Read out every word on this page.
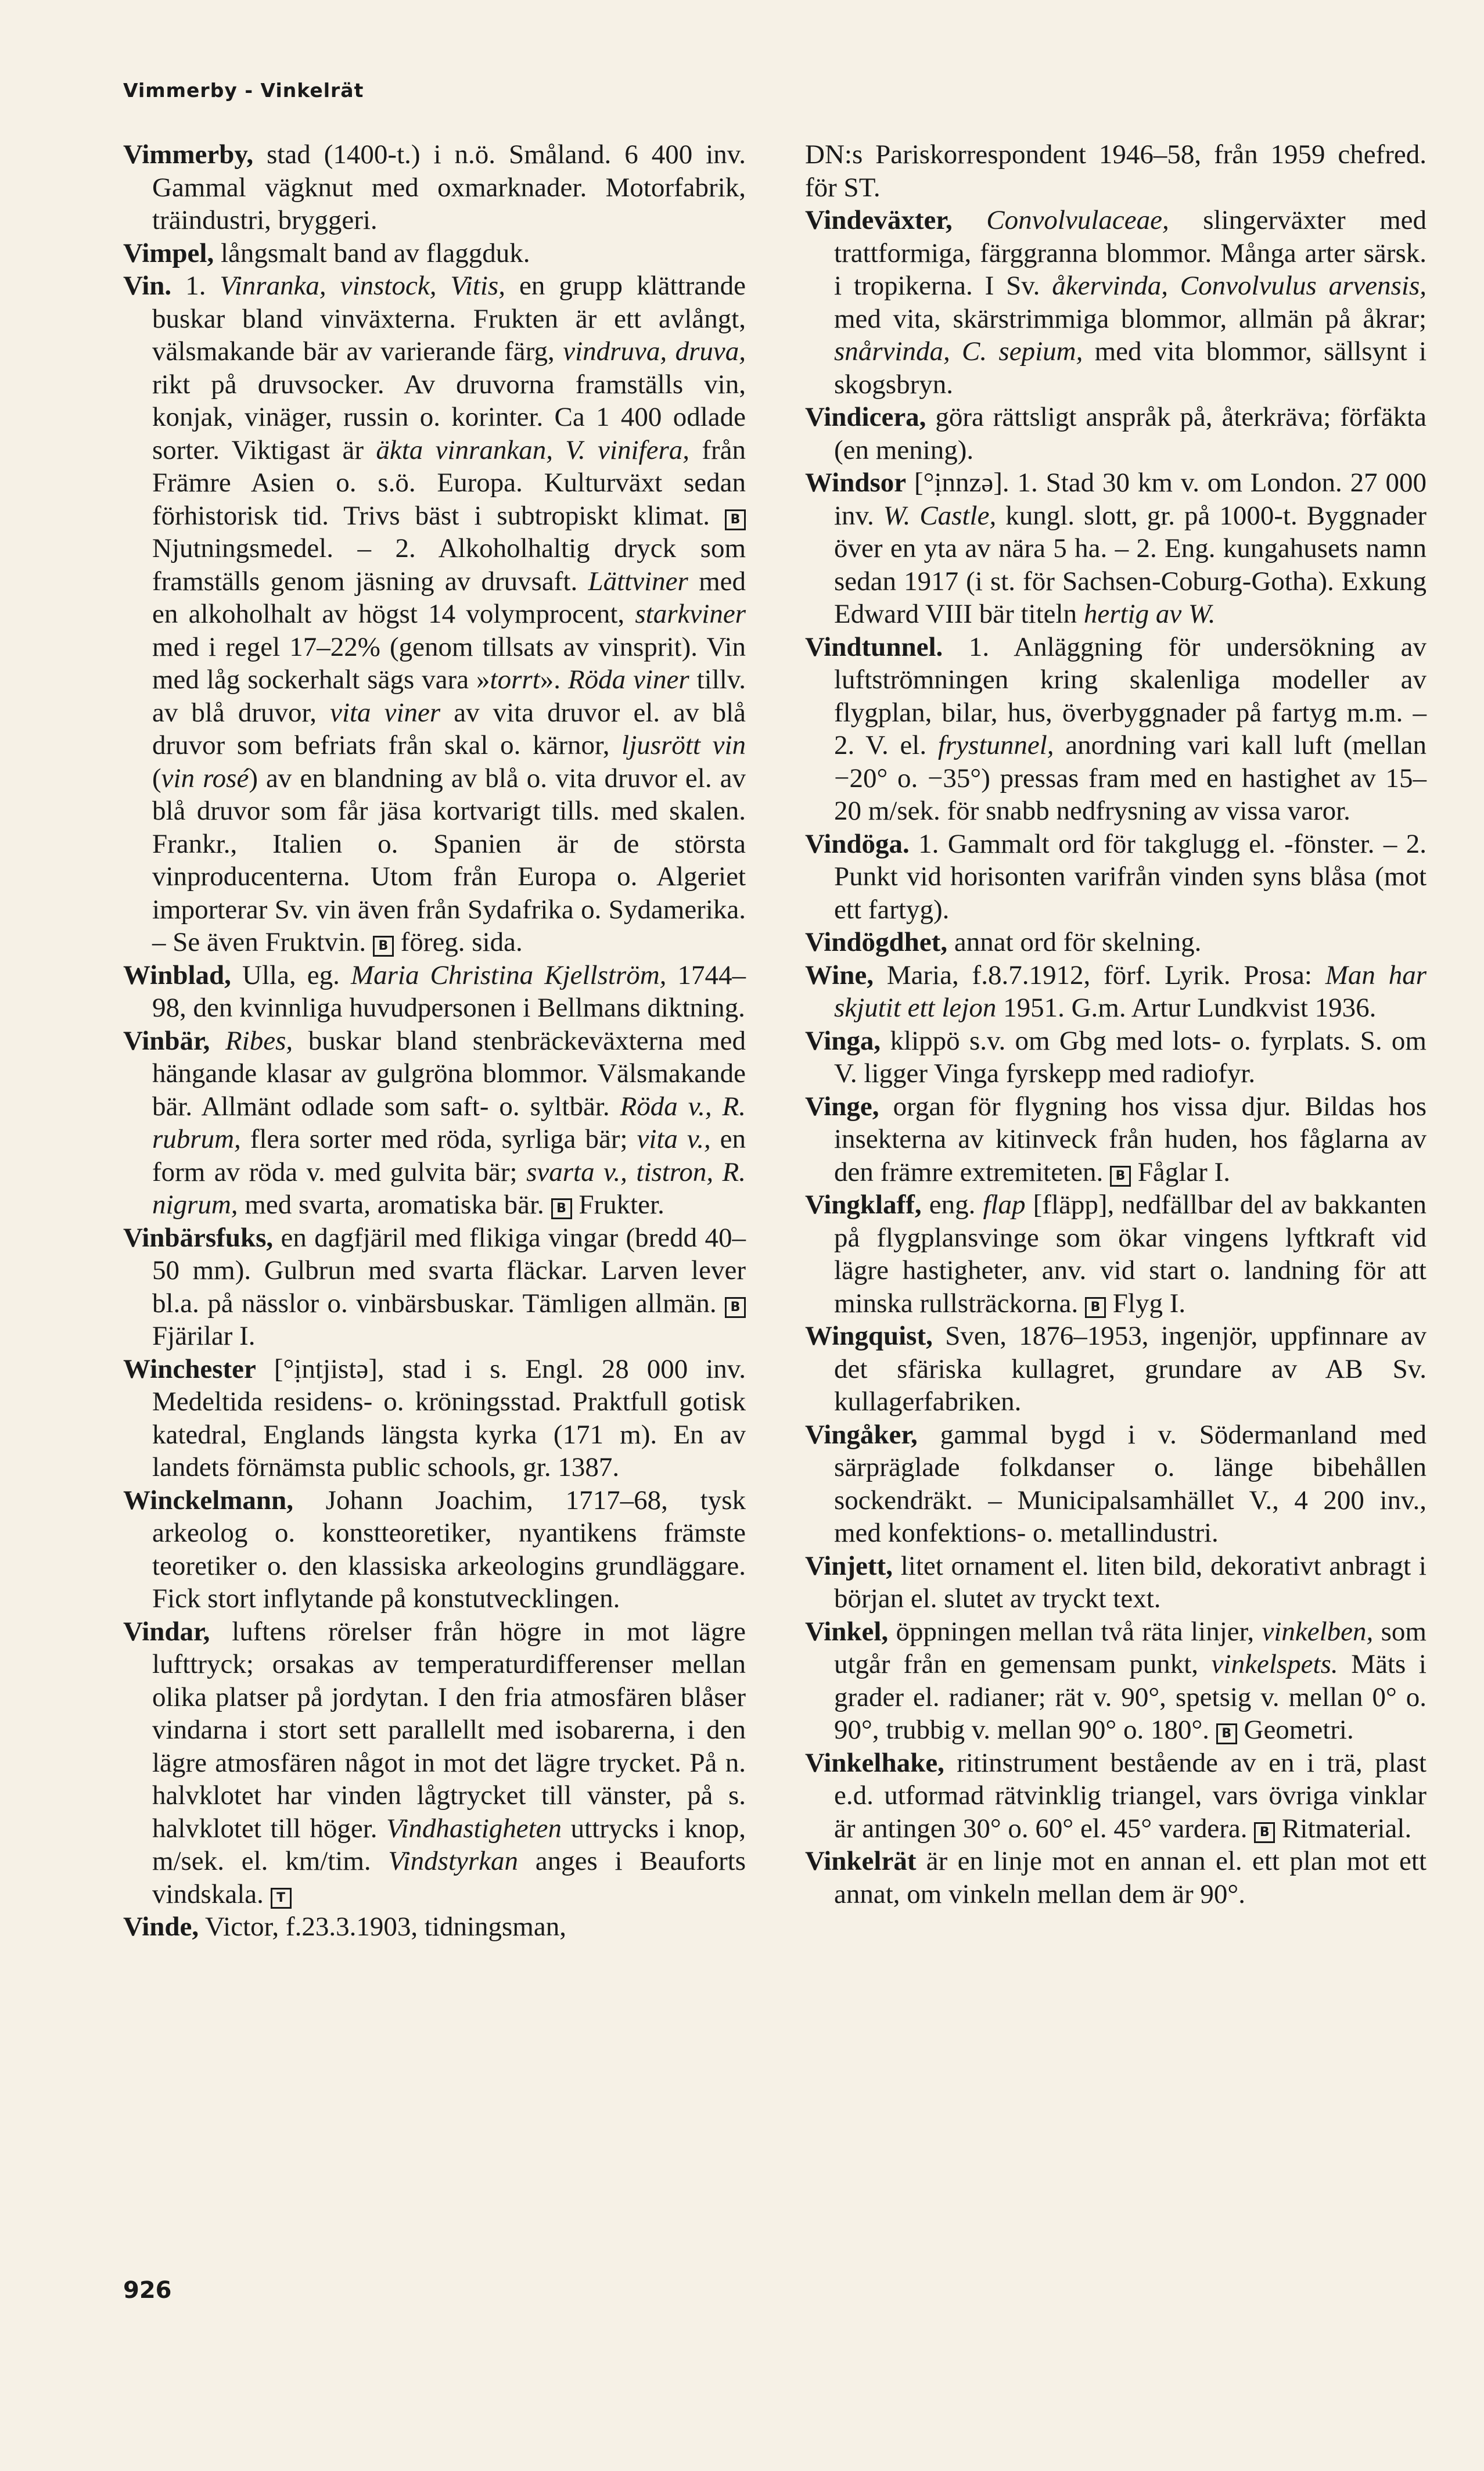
Vimmerby - Vinkelrät

Vimmerby, stad (1400-t.) i n.ö. Småland. 6 400 inv. Gammal vägknut med oxmarknader. Motorfabrik, träindustri, bryggeri.

Vimpel, långsmalt band av flaggduk.

Vin. 1. Vinranka, vinstock, Vitis, en grupp klättrande buskar bland vinväxterna. Frukten är ett avlångt, välsmakande bär av varierande färg, vindruva, druva, rikt på druvsocker. Av druvorna framställs vin, konjak, vinäger, russin o. korinter. Ca 1 400 odlade sorter. Viktigast är äkta vinrankan, V. vinifera, från Främre Asien o. s.ö. Europa. Kulturväxt sedan förhistorisk tid. Trivs bäst i subtropiskt klimat. B Njutningsmedel. – 2. Alkoholhaltig dryck som framställs genom jäsning av druvsaft. Lättviner med en alkoholhalt av högst 14 volymprocent, starkviner med i regel 17–22% (genom tillsats av vinsprit). Vin med låg sockerhalt sägs vara »torrt». Röda viner tillv. av blå druvor, vita viner av vita druvor el. av blå druvor som befriats från skal o. kärnor, ljusrött vin (vin rosé) av en blandning av blå o. vita druvor el. av blå druvor som får jäsa kortvarigt tills. med skalen. Frankr., Italien o. Spanien är de största vinproducenterna. Utom från Europa o. Algeriet importerar Sv. vin även från Sydafrika o. Sydamerika. – Se även Fruktvin. B föreg. sida.

Winblad, Ulla, eg. Maria Christina Kjellström, 1744–98, den kvinnliga huvudpersonen i Bellmans diktning.

Vinbär, Ribes, buskar bland stenbräckeväxterna med hängande klasar av gulgröna blommor. Välsmakande bär. Allmänt odlade som saft- o. syltbär. Röda v., R. rubrum, flera sorter med röda, syrliga bär; vita v., en form av röda v. med gulvita bär; svarta v., tistron, R. nigrum, med svarta, aromatiska bär. B Frukter.

Vinbärsfuks, en dagfjäril med flikiga vingar (bredd 40–50 mm). Gulbrun med svarta fläckar. Larven lever bl.a. på nässlor o. vinbärsbuskar. Tämligen allmän. B Fjärilar I.

Winchester [°ịntjistə], stad i s. Engl. 28 000 inv. Medeltida residens- o. kröningsstad. Praktfull gotisk katedral, Englands längsta kyrka (171 m). En av landets förnämsta public schools, gr. 1387.

Winckelmann, Johann Joachim, 1717–68, tysk arkeolog o. konstteoretiker, nyantikens främste teoretiker o. den klassiska arkeologins grundläggare. Fick stort inflytande på konstutvecklingen.

Vindar, luftens rörelser från högre in mot lägre lufttryck; orsakas av temperaturdifferenser mellan olika platser på jordytan. I den fria atmosfären blåser vindarna i stort sett parallellt med isobarerna, i den lägre atmosfären något in mot det lägre trycket. På n. halvklotet har vinden lågtrycket till vänster, på s. halvklotet till höger. Vindhastigheten uttrycks i knop, m/sek. el. km/tim. Vindstyrkan anges i Beauforts vindskala. T

Vinde, Victor, f.23.3.1903, tidningsman,

DN:s Pariskorrespondent 1946–58, från 1959 chefred. för ST.

Vindeväxter, Convolvulaceae, slingerväxter med trattformiga, färggranna blommor. Många arter särsk. i tropikerna. I Sv. åkervinda, Convolvulus arvensis, med vita, skärstrimmiga blommor, allmän på åkrar; snårvinda, C. sepium, med vita blommor, sällsynt i skogsbryn.

Vindicera, göra rättsligt anspråk på, återkräva; förfäkta (en mening).

Windsor [°ịnnzə]. 1. Stad 30 km v. om London. 27 000 inv. W. Castle, kungl. slott, gr. på 1000-t. Byggnader över en yta av nära 5 ha. – 2. Eng. kungahusets namn sedan 1917 (i st. för Sachsen-Coburg-Gotha). Exkung Edward VIII bär titeln hertig av W.

Vindtunnel. 1. Anläggning för undersökning av luftströmningen kring skalenliga modeller av flygplan, bilar, hus, överbyggnader på fartyg m.m. – 2. V. el. frystunnel, anordning vari kall luft (mellan −20° o. −35°) pressas fram med en hastighet av 15–20 m/sek. för snabb nedfrysning av vissa varor.

Vindöga. 1. Gammalt ord för takglugg el. -fönster. – 2. Punkt vid horisonten varifrån vinden syns blåsa (mot ett fartyg).

Vindögdhet, annat ord för skelning.

Wine, Maria, f.8.7.1912, förf. Lyrik. Prosa: Man har skjutit ett lejon 1951. G.m. Artur Lundkvist 1936.

Vinga, klippö s.v. om Gbg med lots- o. fyrplats. S. om V. ligger Vinga fyrskepp med radiofyr.

Vinge, organ för flygning hos vissa djur. Bildas hos insekterna av kitinveck från huden, hos fåglarna av den främre extremiteten. B Fåglar I.

Vingklaff, eng. flap [fläpp], nedfällbar del av bakkanten på flygplansvinge som ökar vingens lyftkraft vid lägre hastigheter, anv. vid start o. landning för att minska rullsträckorna. B Flyg I.

Wingquist, Sven, 1876–1953, ingenjör, uppfinnare av det sfäriska kullagret, grundare av AB Sv. kullagerfabriken.

Vingåker, gammal bygd i v. Södermanland med särpräglade folkdanser o. länge bibehållen sockendräkt. – Municipalsamhället V., 4 200 inv., med konfektions- o. metallindustri.

Vinjett, litet ornament el. liten bild, dekorativt anbragt i början el. slutet av tryckt text.

Vinkel, öppningen mellan två räta linjer, vinkelben, som utgår från en gemensam punkt, vinkelspets. Mäts i grader el. radianer; rät v. 90°, spetsig v. mellan 0° o. 90°, trubbig v. mellan 90° o. 180°. B Geometri.

Vinkelhake, ritinstrument bestående av en i trä, plast e.d. utformad rätvinklig triangel, vars övriga vinklar är antingen 30° o. 60° el. 45° vardera. B Ritmaterial.

Vinkelrät är en linje mot en annan el. ett plan mot ett annat, om vinkeln mellan dem är 90°.

926
